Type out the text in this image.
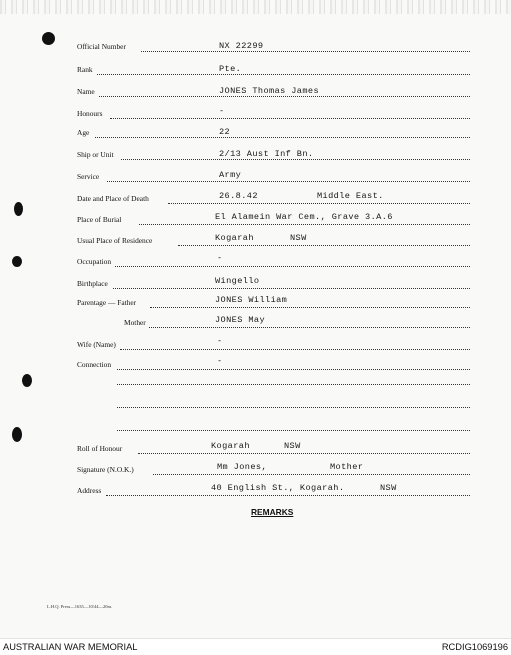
Official Number	NX 22299
Rank	Pte.
Name	JONES Thomas James
Honours	-
Age	22
Ship or Unit	2/13 Aust Inf Bn.
Service	Army
Date and Place of Death	26.8.42	Middle East.
Place of Burial	El Alamein War Cem., Grave 3.A.6
Usual Place of Residence	Kogarah	NSW
Occupation	-
Birthplace	Wingello
Parentage — Father	JONES William
Mother	JONES May
Wife (Name)	-
Connection	-
Roll of Honour	Kogarah	NSW
Signature (N.O.K.)	Mm Jones,	Mother
Address	40 English St., Kogarah.	NSW
REMARKS
L.H.Q. Press—1635—10/44—20m.
AUSTRALIAN WAR MEMORIAL	RCDIG1069196
